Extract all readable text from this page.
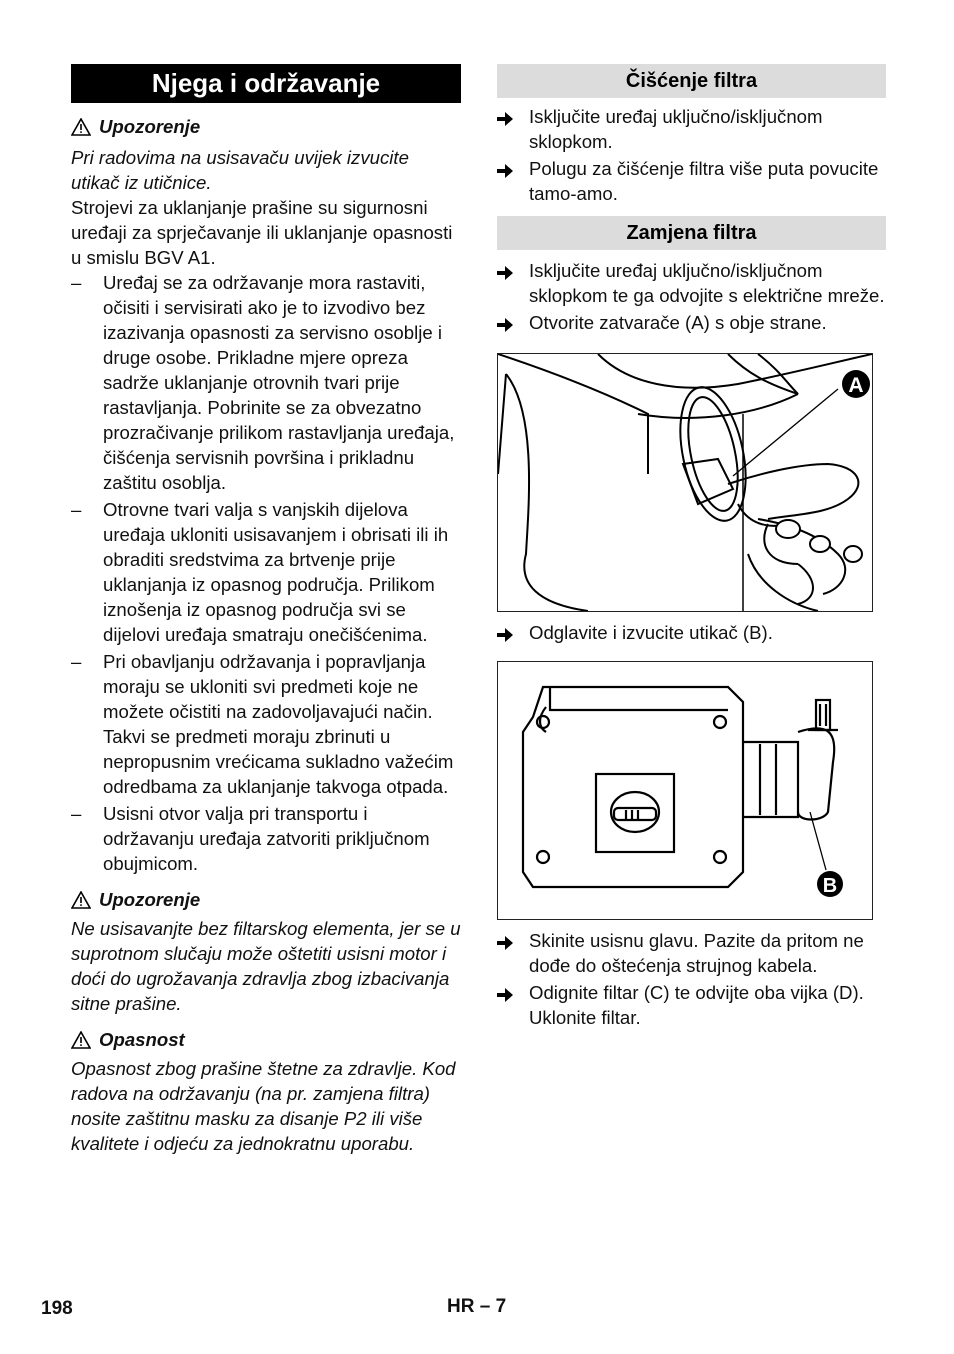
Njega i održavanje
Upozorenje

Pri radovima na usisavaču uvijek izvucite utikač iz utičnice.

Strojevi za uklanjanje prašine su sigurnosni uređaji za sprječavanje ili uklanjanje opasnosti u smislu BGV A1.

–	Uređaj se za održavanje mora rastaviti, očisiti i servisirati ako je to izvodivo bez izazivanja opasnosti za servisno osoblje i druge osobe. Prikladne mjere opreza sadrže uklanjanje otrovnih tvari prije rastavljanja. Pobrinite se za obvezatno prozračivanje prilikom rastavljanja uređaja, čišćenja servisnih površina i prikladnu zaštitu osoblja.

–	Otrovne tvari valja s vanjskih dijelova uređaja ukloniti usisavanjem i obrisati ili ih obraditi sredstvima za brtvenje prije uklanjanja iz opasnog područja. Prilikom iznošenja iz opasnog područja svi se dijelovi uređaja smatraju onečišćenima.

–	Pri obavljanju održavanja i popravljanja moraju se ukloniti svi predmeti koje ne možete očistiti na zadovoljavajući način. Takvi se predmeti moraju zbrinuti u nepropusnim vrećicama sukladno važećim odredbama za uklanjanje takvoga otpada.

–	Usisni otvor valja pri transportu i održavanju uređaja zatvoriti priključnom obujmicom.

Upozorenje

Ne usisavanjte bez filtarskog elementa, jer se u suprotnom slučaju može oštetiti usisni motor i doći do ugrožavanja zdravlja zbog izbacivanja sitne prašine.

Opasnost

Opasnost zbog prašine štetne za zdravlje. Kod radova na održavanju (na pr. zamjena filtra) nosite zaštitnu masku za disanje P2 ili više kvalitete i odjeću za jednokratnu uporabu.

Čišćenje filtra

Isključite uređaj uključno/isključnom sklopkom.

Polugu za čišćenje filtra više puta povucite tamo-amo.

Zamjena filtra

Isključite uređaj uključno/isključnom sklopkom te ga odvojite s električne mreže.

Otvorite zatvarače (A) s obje strane.

A

Odglavite i izvucite utikač (B).

B

Skinite usisnu glavu. Pazite da pritom ne dođe do oštećenja strujnog kabela.

Odignite filtar (C) te odvijte oba vijka (D). Uklonite filtar.

198	HR – 7
